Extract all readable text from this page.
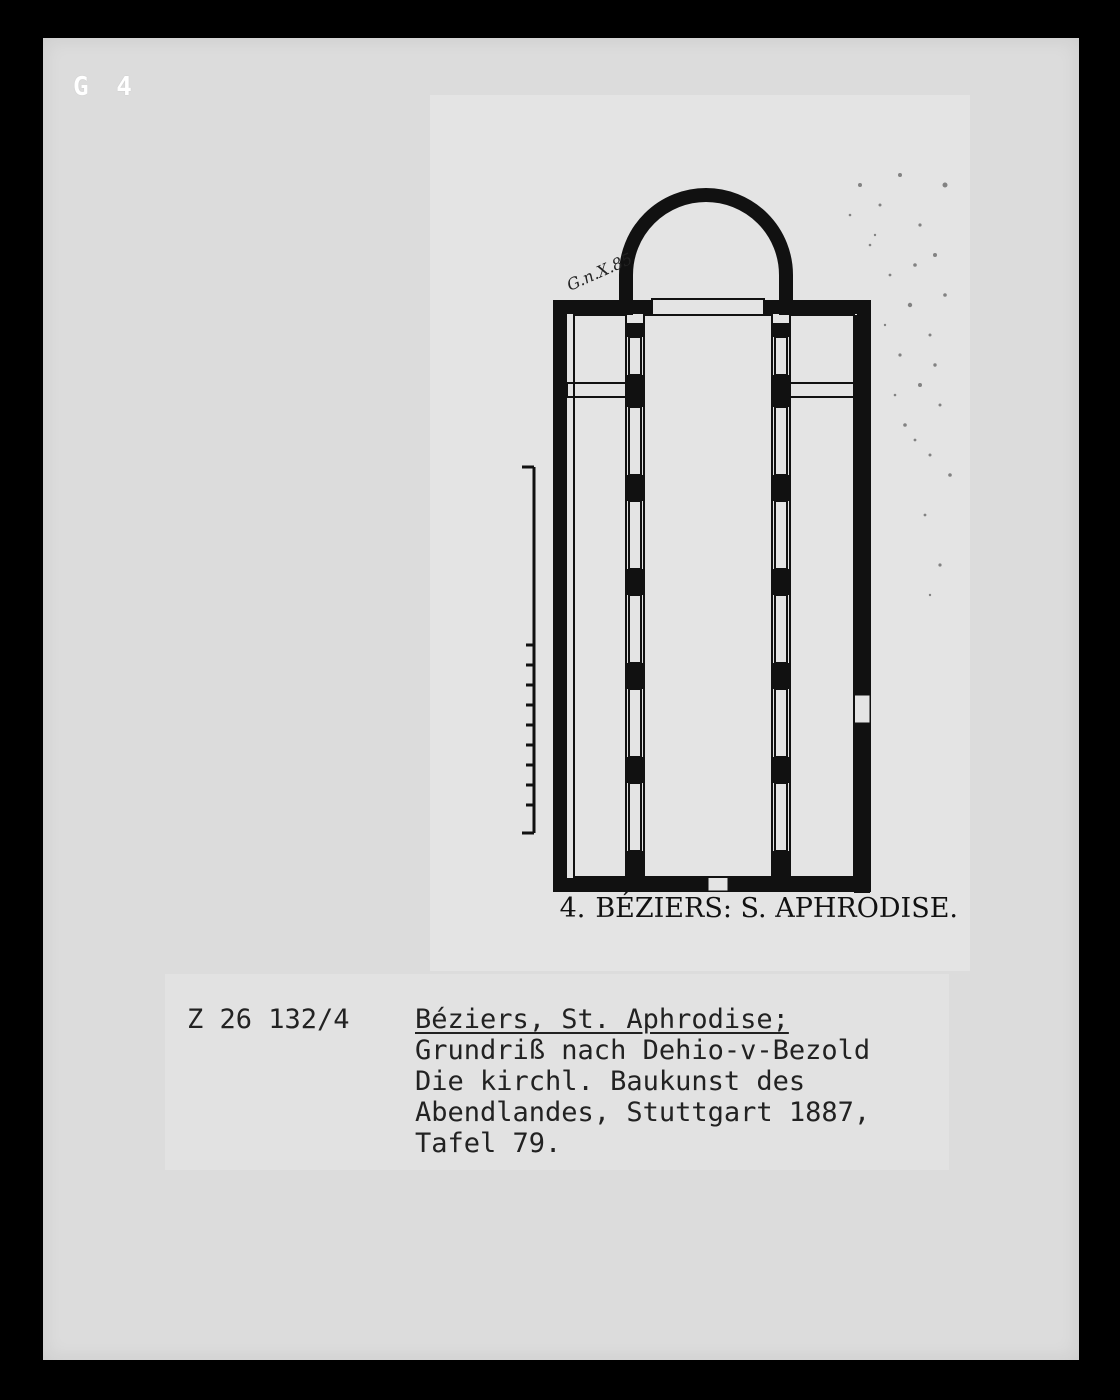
G 4
G.n.X.85
4. BÉZIERS: S. APHRODISE.
Z 26 132/4 Béziers, St. Aphrodise;
Grundriß nach Dehio-v-Bezold
Die kirchl. Baukunst des
Abendlandes, Stuttgart 1887,
Tafel 79.
